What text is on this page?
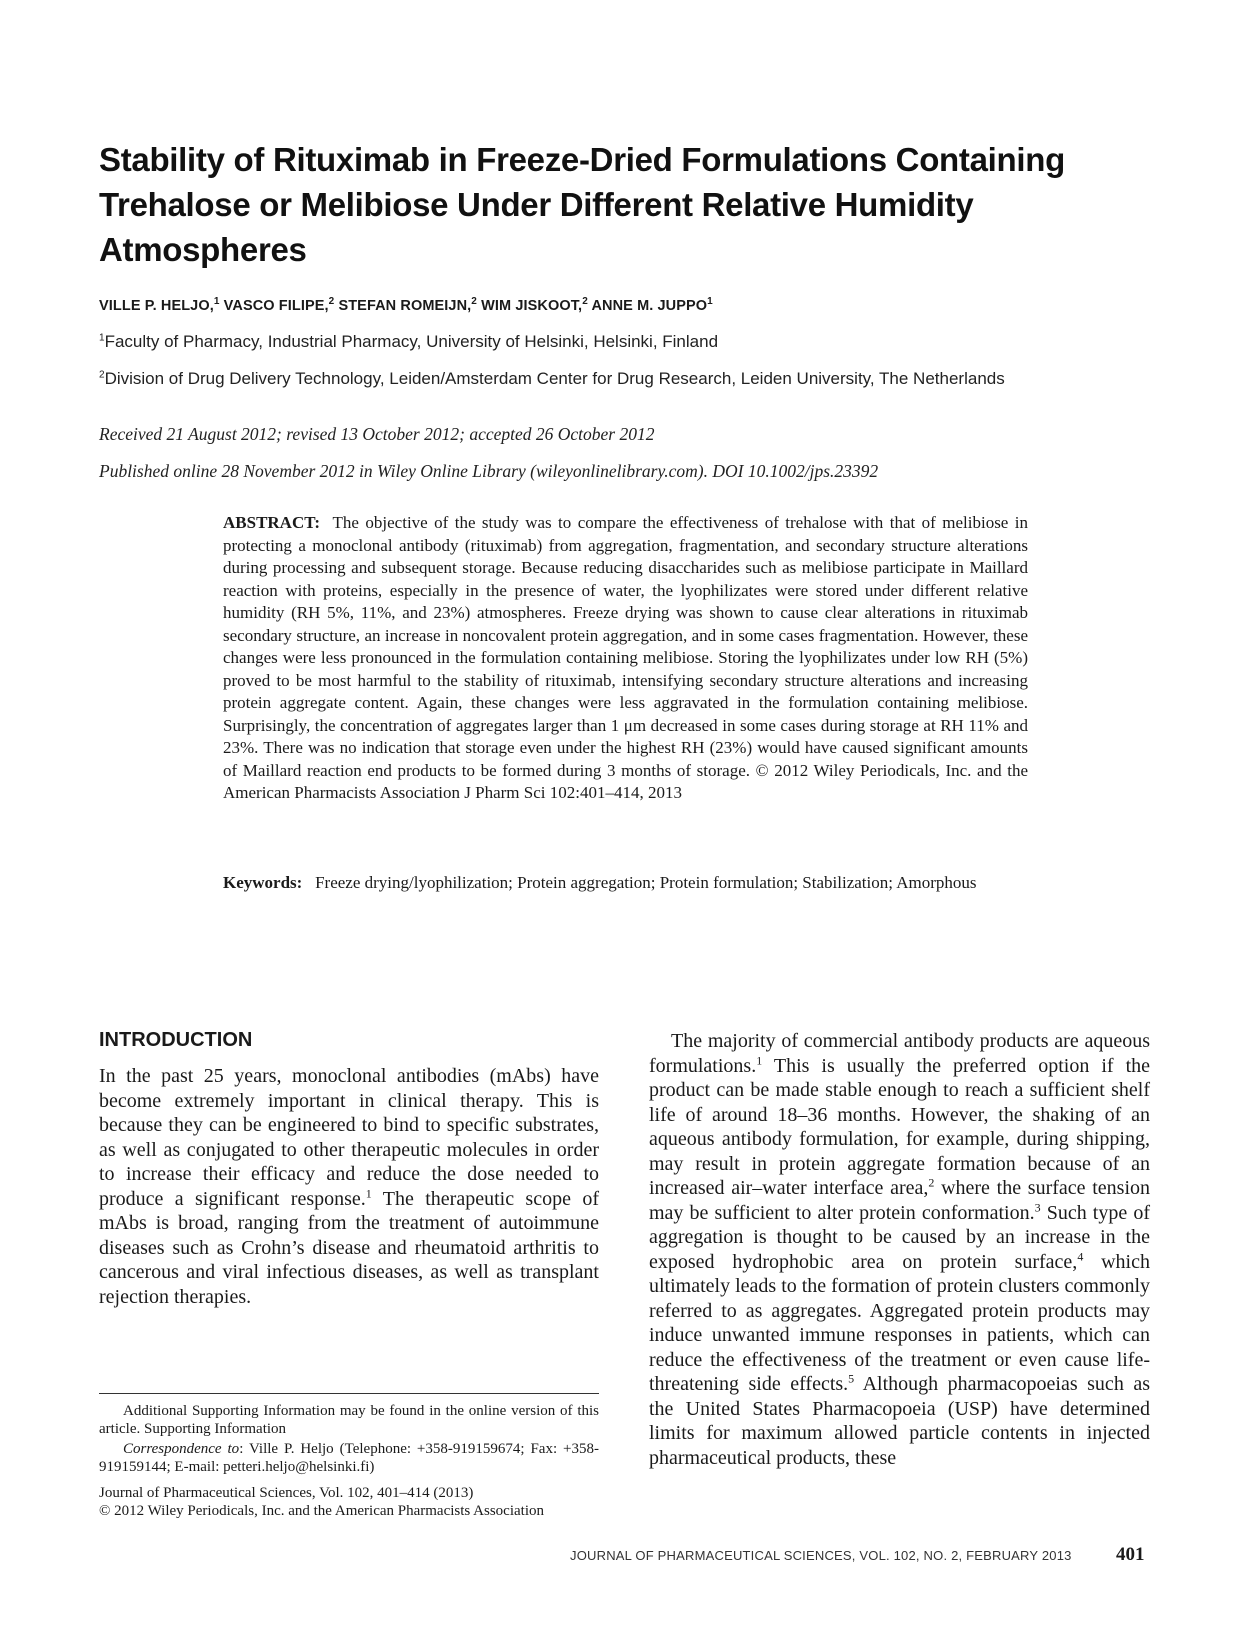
Stability of Rituximab in Freeze-Dried Formulations Containing Trehalose or Melibiose Under Different Relative Humidity Atmospheres
VILLE P. HELJO,$^1$ VASCO FILIPE,$^2$ STEFAN ROMEIJN,$^2$ WIM JISKOOT,$^2$ ANNE M. JUPPO$^1$
$^1$Faculty of Pharmacy, Industrial Pharmacy, University of Helsinki, Helsinki, Finland
$^2$Division of Drug Delivery Technology, Leiden/Amsterdam Center for Drug Research, Leiden University, The Netherlands
Received 21 August 2012; revised 13 October 2012; accepted 26 October 2012
Published online 28 November 2012 in Wiley Online Library (wileyonlinelibrary.com). DOI 10.1002/jps.23392

ABSTRACT: The objective of the study was to compare the effectiveness of trehalose with that of melibiose in protecting a monoclonal antibody (rituximab) from aggregation, fragmentation, and secondary structure alterations during processing and subsequent storage. Because reducing disaccharides such as melibiose participate in Maillard reaction with proteins, especially in the presence of water, the lyophilizates were stored under different relative humidity (RH 5%, 11%, and 23%) atmospheres. Freeze drying was shown to cause clear alterations in rituximab secondary structure, an increase in noncovalent protein aggregation, and in some cases fragmentation. However, these changes were less pronounced in the formulation containing melibiose. Storing the lyophilizates under low RH (5%) proved to be most harmful to the stability of rituximab, intensifying secondary structure alterations and increasing protein aggregate content. Again, these changes were less aggravated in the formulation containing melibiose. Surprisingly, the concentration of aggregates larger than 1 μm decreased in some cases during storage at RH 11% and 23%. There was no indication that storage even under the highest RH (23%) would have caused significant amounts of Maillard reaction end products to be formed during 3 months of storage. © 2012 Wiley Periodicals, Inc. and the American Pharmacists Association J Pharm Sci 102:401–414, 2013

Keywords: Freeze drying/lyophilization; Protein aggregation; Protein formulation; Stabilization; Amorphous

INTRODUCTION

In the past 25 years, monoclonal antibodies (mAbs) have become extremely important in clinical therapy. This is because they can be engineered to bind to specific substrates, as well as conjugated to other therapeutic molecules in order to increase their efficacy and reduce the dose needed to produce a significant response.$^1$ The therapeutic scope of mAbs is broad, ranging from the treatment of autoimmune diseases such as Crohn’s disease and rheumatoid arthritis to cancerous and viral infectious diseases, as well as transplant rejection therapies.

The majority of commercial antibody products are aqueous formulations.$^1$ This is usually the preferred option if the product can be made stable enough to reach a sufficient shelf life of around 18–36 months. However, the shaking of an aqueous antibody formulation, for example, during shipping, may result in protein aggregate formation because of an increased air–water interface area,$^2$ where the surface tension may be sufficient to alter protein conformation.$^3$ Such type of aggregation is thought to be caused by an increase in the exposed hydrophobic area on protein surface,$^4$ which ultimately leads to the formation of protein clusters commonly referred to as aggregates. Aggregated protein products may induce unwanted immune responses in patients, which can reduce the effectiveness of the treatment or even cause life-threatening side effects.$^5$ Although pharmacopoeias such as the United States Pharmacopoeia (USP) have determined limits for maximum allowed particle contents in injected pharmaceutical products, these

Additional Supporting Information may be found in the online version of this article. Supporting Information

Correspondence to: Ville P. Heljo (Telephone: +358-919159674; Fax: +358-919159144; E-mail: petteri.heljo@helsinki.fi)

Journal of Pharmaceutical Sciences, Vol. 102, 401–414 (2013)
© 2012 Wiley Periodicals, Inc. and the American Pharmacists Association

JOURNAL OF PHARMACEUTICAL SCIENCES, VOL. 102, NO. 2, FEBRUARY 2013 401
